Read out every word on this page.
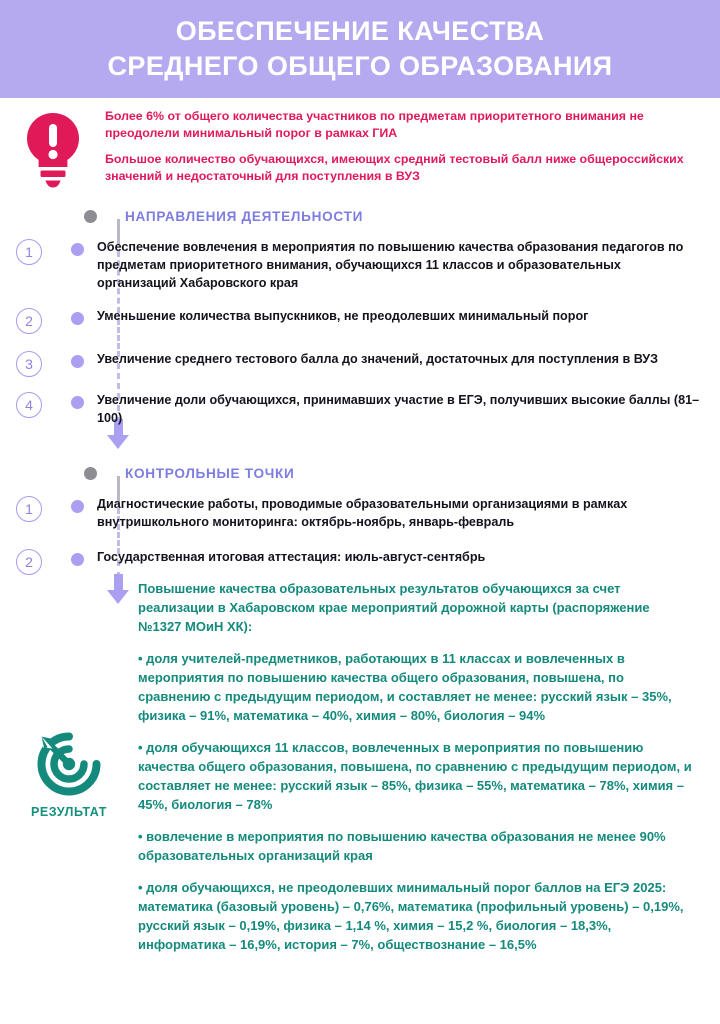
ОБЕСПЕЧЕНИЕ КАЧЕСТВА
СРЕДНЕГО ОБЩЕГО ОБРАЗОВАНИЯ

Более 6% от общего количества участников по предметам приоритетного внимания не преодолели минимальный порог в рамках ГИА

Большое количество обучающихся, имеющих средний тестовый балл ниже общероссийских значений и недостаточный для поступления в ВУЗ

НАПРАВЛЕНИЯ ДЕЯТЕЛЬНОСТИ
1	Обеспечение вовлечения в мероприятия по повышению качества образования педагогов по предметам приоритетного внимания, обучающихся 11 классов и образовательных организаций Хабаровского края
2	Уменьшение количества выпускников, не преодолевших минимальный порог
3	Увеличение среднего тестового балла до значений, достаточных для поступления в ВУЗ
4	Увеличение доли обучающихся, принимавших участие в ЕГЭ, получивших высокие баллы (81–100)
КОНТРОЛЬНЫЕ ТОЧКИ
1	Диагностические работы, проводимые образовательными организациями в рамках внутришкольного мониторинга: октябрь-ноябрь, январь-февраль
2	Государственная итоговая аттестация: июль-август-сентябрь
РЕЗУЛЬТАТ

Повышение качества образовательных результатов обучающихся за счет реализации в Хабаровском крае мероприятий дорожной карты (распоряжение №1327 МОиН ХК):

• доля учителей-предметников, работающих в 11 классах и вовлеченных в мероприятия по повышению качества общего образования, повышена, по сравнению с предыдущим периодом, и составляет не менее: русский язык – 35%, физика – 91%, математика – 40%, химия – 80%, биология – 94%

• доля обучающихся 11 классов, вовлеченных в мероприятия по повышению качества общего образования, повышена, по сравнению с предыдущим периодом, и составляет не менее: русский язык – 85%, физика – 55%, математика – 78%, химия – 45%, биология – 78%

• вовлечение в мероприятия по повышению качества образования не менее 90% образовательных организаций края

• доля обучающихся, не преодолевших минимальный порог баллов на ЕГЭ 2025: математика (базовый уровень) – 0,76%, математика (профильный уровень) – 0,19%, русский язык – 0,19%, физика – 1,14 %, химия – 15,2 %, биология – 18,3%, информатика – 16,9%, история – 7%, обществознание – 16,5%
